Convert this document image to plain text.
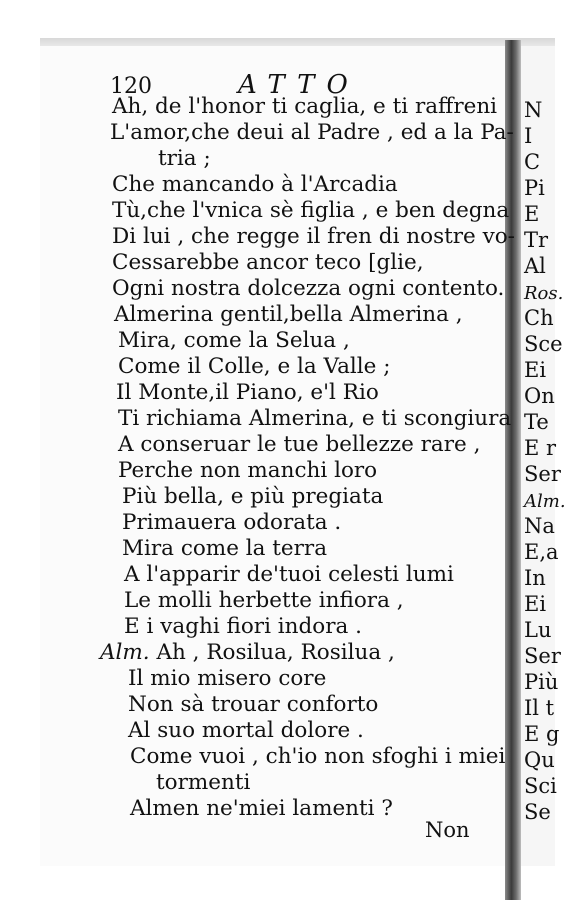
N
I
C
Pi
E
Tr
Al
Ros.
Ch
Sce
Ei
On
Te
E r
Ser
Alm.
Na
E,a
In
Ei
Lu
Ser
Più
Il t
E g
Qu
Sci
Se
120	ATTO
Ah, de l'honor ti caglia, e ti raffreni
L'amor,che deui al Padre , ed a la Pa-
tria ;
Che mancando à l'Arcadia
Tù,che l'vnica sè figlia , e ben degna
Di lui , che regge il fren di nostre vo-
Cessarebbe ancor teco [glie,
Ogni nostra dolcezza ogni contento.
Almerina gentil,bella Almerina ,
Mira, come la Selua ,
Come il Colle, e la Valle ;
Il Monte,il Piano, e'l Rio
Ti richiama Almerina, e ti scongiura
A conseruar le tue bellezze rare ,
Perche non manchi loro
Più bella, e più pregiata
Primauera odorata .
Mira come la terra
A l'apparir de'tuoi celesti lumi
Le molli herbette infiora ,
E i vaghi fiori indora .
Alm. Ah , Rosilua, Rosilua ,
Il mio misero core
Non sà trouar conforto
Al suo mortal dolore .
Come vuoi , ch'io non sfoghi i miei
tormenti
Almen ne'miei lamenti ?
Non
